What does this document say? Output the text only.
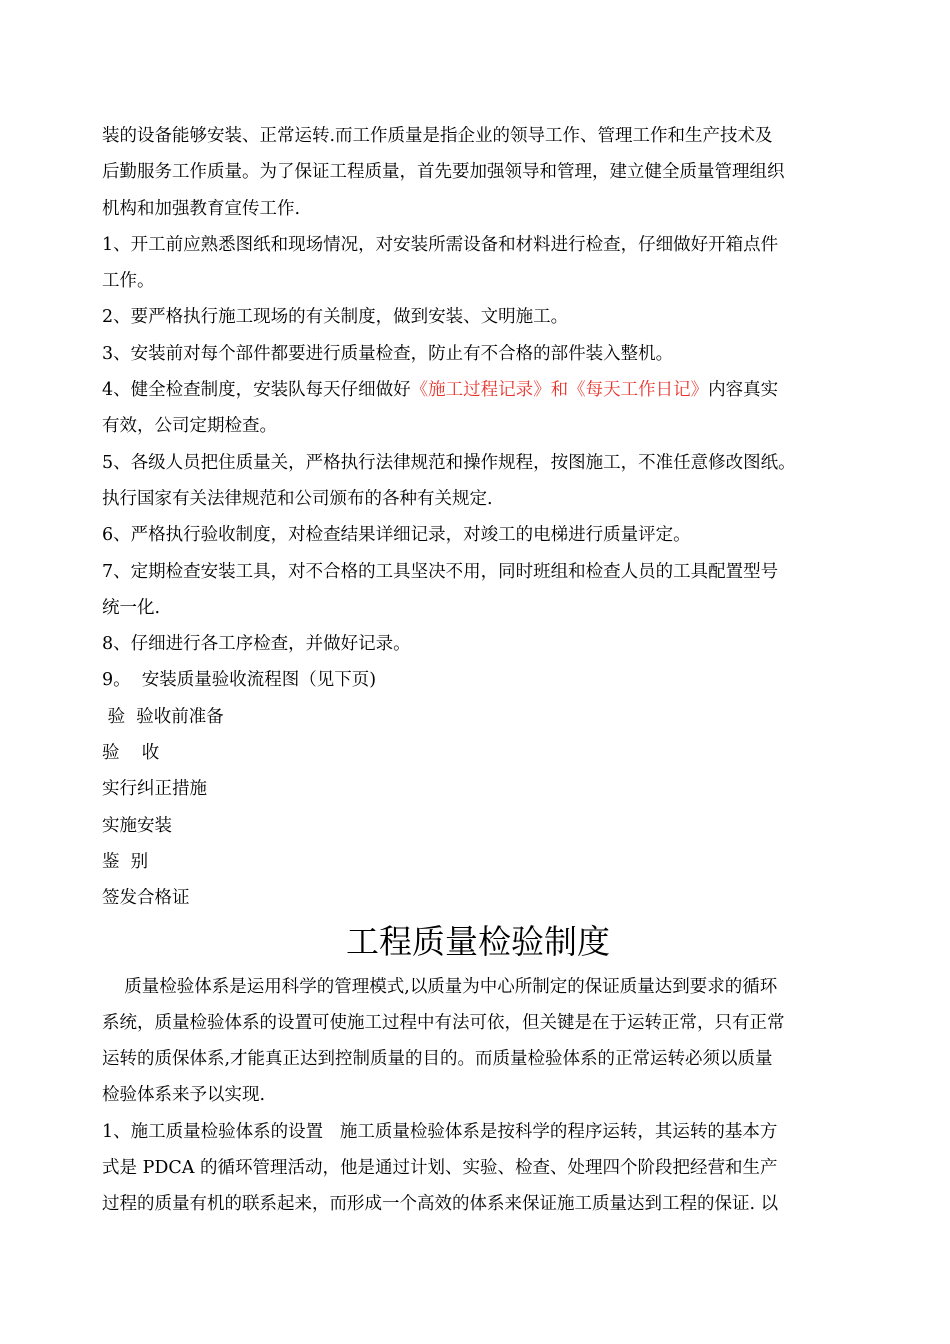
装的设备能够安装、正常运转.而工作质量是指企业的领导工作、管理工作和生产技术及
后勤服务工作质量。为了保证工程质量，首先要加强领导和管理，建立健全质量管理组织
机构和加强教育宣传工作.
1、开工前应熟悉图纸和现场情况，对安装所需设备和材料进行检查，仔细做好开箱点件
工作。
2、要严格执行施工现场的有关制度，做到安装、文明施工。
3、安装前对每个部件都要进行质量检查，防止有不合格的部件装入整机。
4、健全检查制度，安装队每天仔细做好《施工过程记录》和《每天工作日记》内容真实
有效，公司定期检查。
5、各级人员把住质量关，严格执行法律规范和操作规程，按图施工，不准任意修改图纸。
执行国家有关法律规范和公司颁布的各种有关规定.
6、严格执行验收制度，对检查结果详细记录，对竣工的电梯进行质量评定。
7、定期检查安装工具，对不合格的工具坚决不用，同时班组和检查人员的工具配置型号
统一化.
8、仔细进行各工序检查，并做好记录。
9。  安装质量验收流程图（见下页)
验  验收前准备
验    收
实行纠正措施
实施安装
鉴  别
签发合格证
工程质量检验制度
质量检验体系是运用科学的管理模式,以质量为中心所制定的保证质量达到要求的循环
系统，质量检验体系的设置可使施工过程中有法可依，但关键是在于运转正常，只有正常
运转的质保体系,才能真正达到控制质量的目的。而质量检验体系的正常运转必须以质量
检验体系来予以实现.
1、施工质量检验体系的设置   施工质量检验体系是按科学的程序运转，其运转的基本方
式是 PDCA 的循环管理活动，他是通过计划、实验、检查、处理四个阶段把经营和生产
过程的质量有机的联系起来，而形成一个高效的体系来保证施工质量达到工程的保证. 以
